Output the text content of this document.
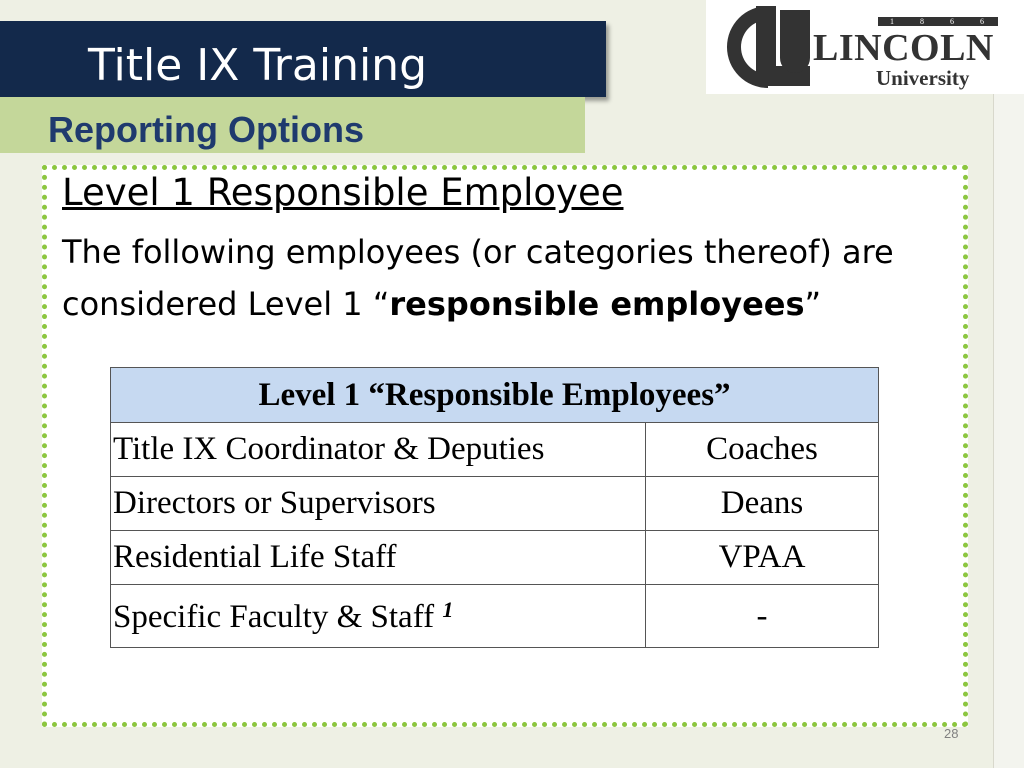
Title IX Training
Reporting Options
1	8	6	6
LINCOLN
University
Level 1 Responsible Employee
The following employees (or categories thereof) are considered Level 1 “responsible employees”
Level 1 “Responsible Employees”	
Title IX Coordinator & Deputies	Coaches
Directors or Supervisors	Deans
Residential Life Staff	VPAA
Specific Faculty & Staff $^1$	-
28
